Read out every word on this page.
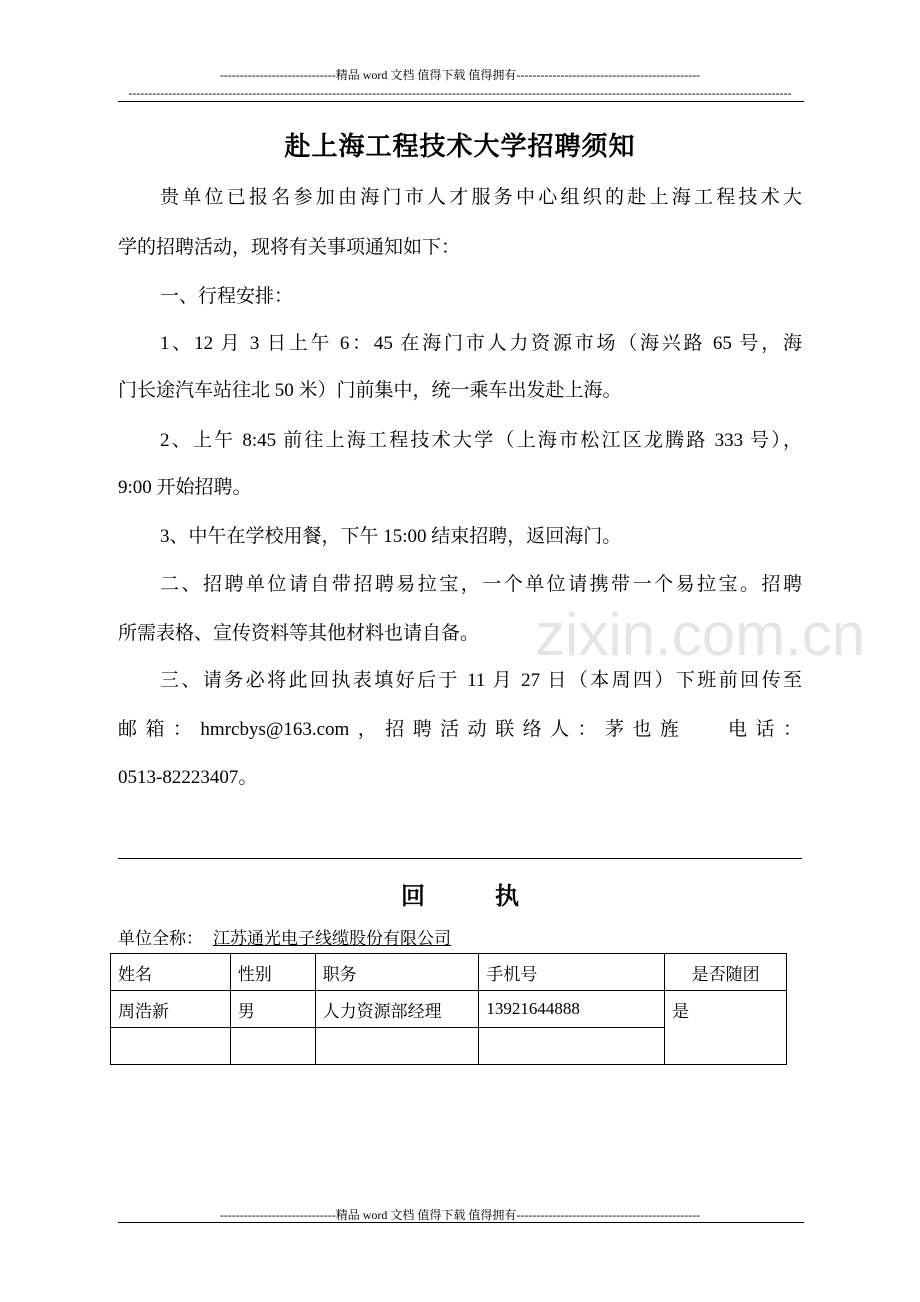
-----------------------------精品 word 文档 值得下载 值得拥有----------------------------------------------
----------------------------------------------------------------------------------------------------------------------------------------------------------------------
zixin.com.cn
赴上海工程技术大学招聘须知
贵单位已报名参加由海门市人才服务中心组织的赴上海工程技术大
学的招聘活动，现将有关事项通知如下：
一、行程安排：
1、12 月 3 日上午 6：45 在海门市人力资源市场（海兴路 65 号，海
门长途汽车站往北 50 米）门前集中，统一乘车出发赴上海。
2、上午 8:45 前往上海工程技术大学（上海市松江区龙腾路 333 号），
9:00 开始招聘。
3、中午在学校用餐，下午 15:00 结束招聘，返回海门。
二、招聘单位请自带招聘易拉宝，一个单位请携带一个易拉宝。招聘
所需表格、宣传资料等其他材料也请自备。
三、请务必将此回执表填好后于 11 月 27 日（本周四）下班前回传至
邮箱：hmrcbys@163.com，招聘活动联络人：茅也旌　 电话：
0513-82223407。
回	执
单位全称： 江苏通光电子线缆股份有限公司
姓名	性别	职务	手机号	是否随团
周浩新	男	人力资源部经理	13921644888	是

-----------------------------精品 word 文档 值得下载 值得拥有----------------------------------------------
